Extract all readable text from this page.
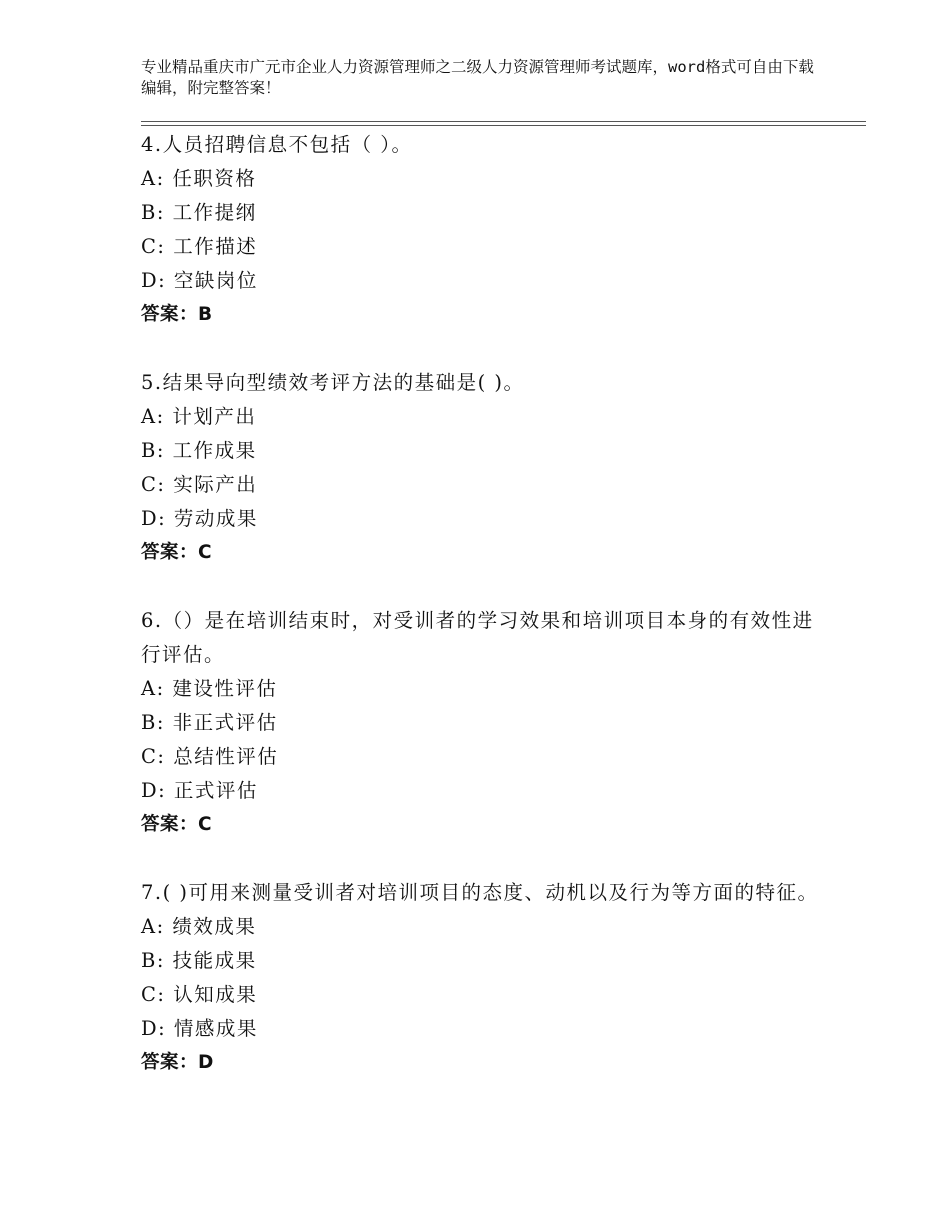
专业精品重庆市广元市企业人力资源管理师之二级人力资源管理师考试题库，word格式可自由下载编辑，附完整答案！
4.人员招聘信息不包括（ ）。
A: 任职资格
B: 工作提纲
C: 工作描述
D: 空缺岗位
答案：B
5.结果导向型绩效考评方法的基础是( )。
A: 计划产出
B: 工作成果
C: 实际产出
D: 劳动成果
答案：C
6.（）是在培训结束时，对受训者的学习效果和培训项目本身的有效性进行评估。
A: 建设性评估
B: 非正式评估
C: 总结性评估
D: 正式评估
答案：C
7.( )可用来测量受训者对培训项目的态度、动机以及行为等方面的特征。
A: 绩效成果
B: 技能成果
C: 认知成果
D: 情感成果
答案：D
